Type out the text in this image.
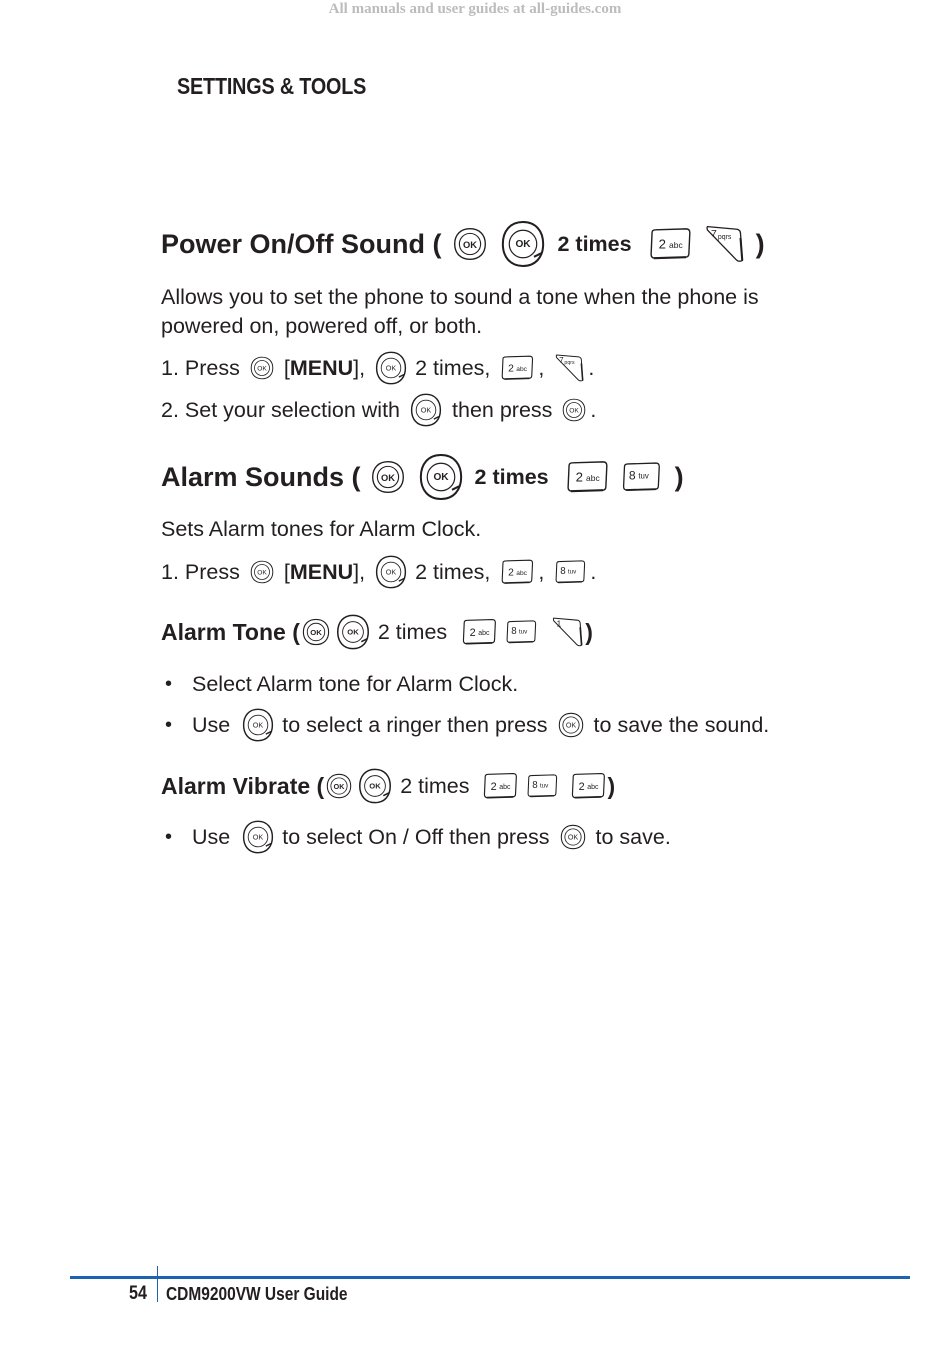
All manuals and user guides at all-guides.com
SETTINGS & TOOLS
Power On/Off Sound ( OK	OK 2 times 2 abc
7 pqrs )
Allows you to set the phone to sound a tone when the phone is powered on, powered off, or both.
1. Press OK [ MENU ], OK 2 times, 2 abc , 7 pqrs .
2. Set your selection with OK then press OK .
Alarm Sounds ( OK	OK 2 times 2 abc 8 tuv )
Sets Alarm tones for Alarm Clock.
1. Press OK [ MENU ], OK 2 times, 2 abc , 8 tuv .
Alarm Tone ( OK OK 2 times 2 abc 8 tuv
1 )
• Select Alarm tone for Alarm Clock.
• Use OK to select a ringer then press OK to save the sound.
Alarm Vibrate ( OK OK 2 times 2 abc 8 tuv 2 abc )
• Use OK to select On / Off then press OK to save.
54 CDM9200VW User Guide
